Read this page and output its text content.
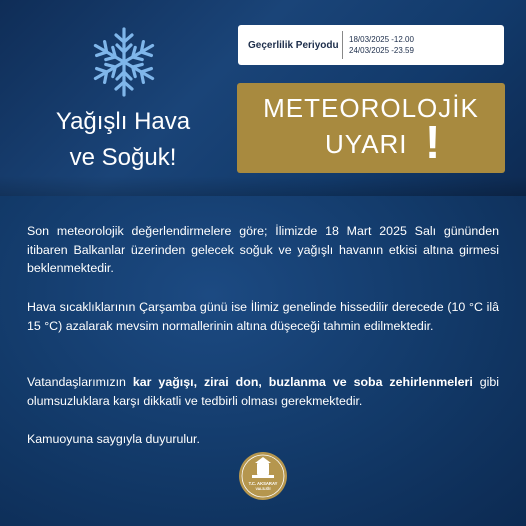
Yağışlı Hava
ve Soğuk!
Geçerlilik Periyodu	18/03/2025 -12.00
24/03/2025 -23.59
METEOROLOJİK
UYARI !
Son meteorolojik değerlendirmelere göre; İlimizde 18 Mart 2025 Salı gününden itibaren Balkanlar üzerinden gelecek soğuk ve yağışlı havanın etkisi altına girmesi beklenmektedir.
Hava sıcaklıklarının Çarşamba günü ise İlimiz genelinde hissedilir derecede (10 °C ilâ 15 °C) azalarak mevsim normallerinin altına düşeceği tahmin edilmektedir.
Vatandaşlarımızın kar yağışı, zirai don, buzlanma ve soba zehirlenmeleri gibi olumsuzluklara karşı dikkatli ve tedbirli olması gerekmektedir.
Kamuoyuna saygıyla duyurulur.
T.C. AKSARAY
VALİLİĞİ
